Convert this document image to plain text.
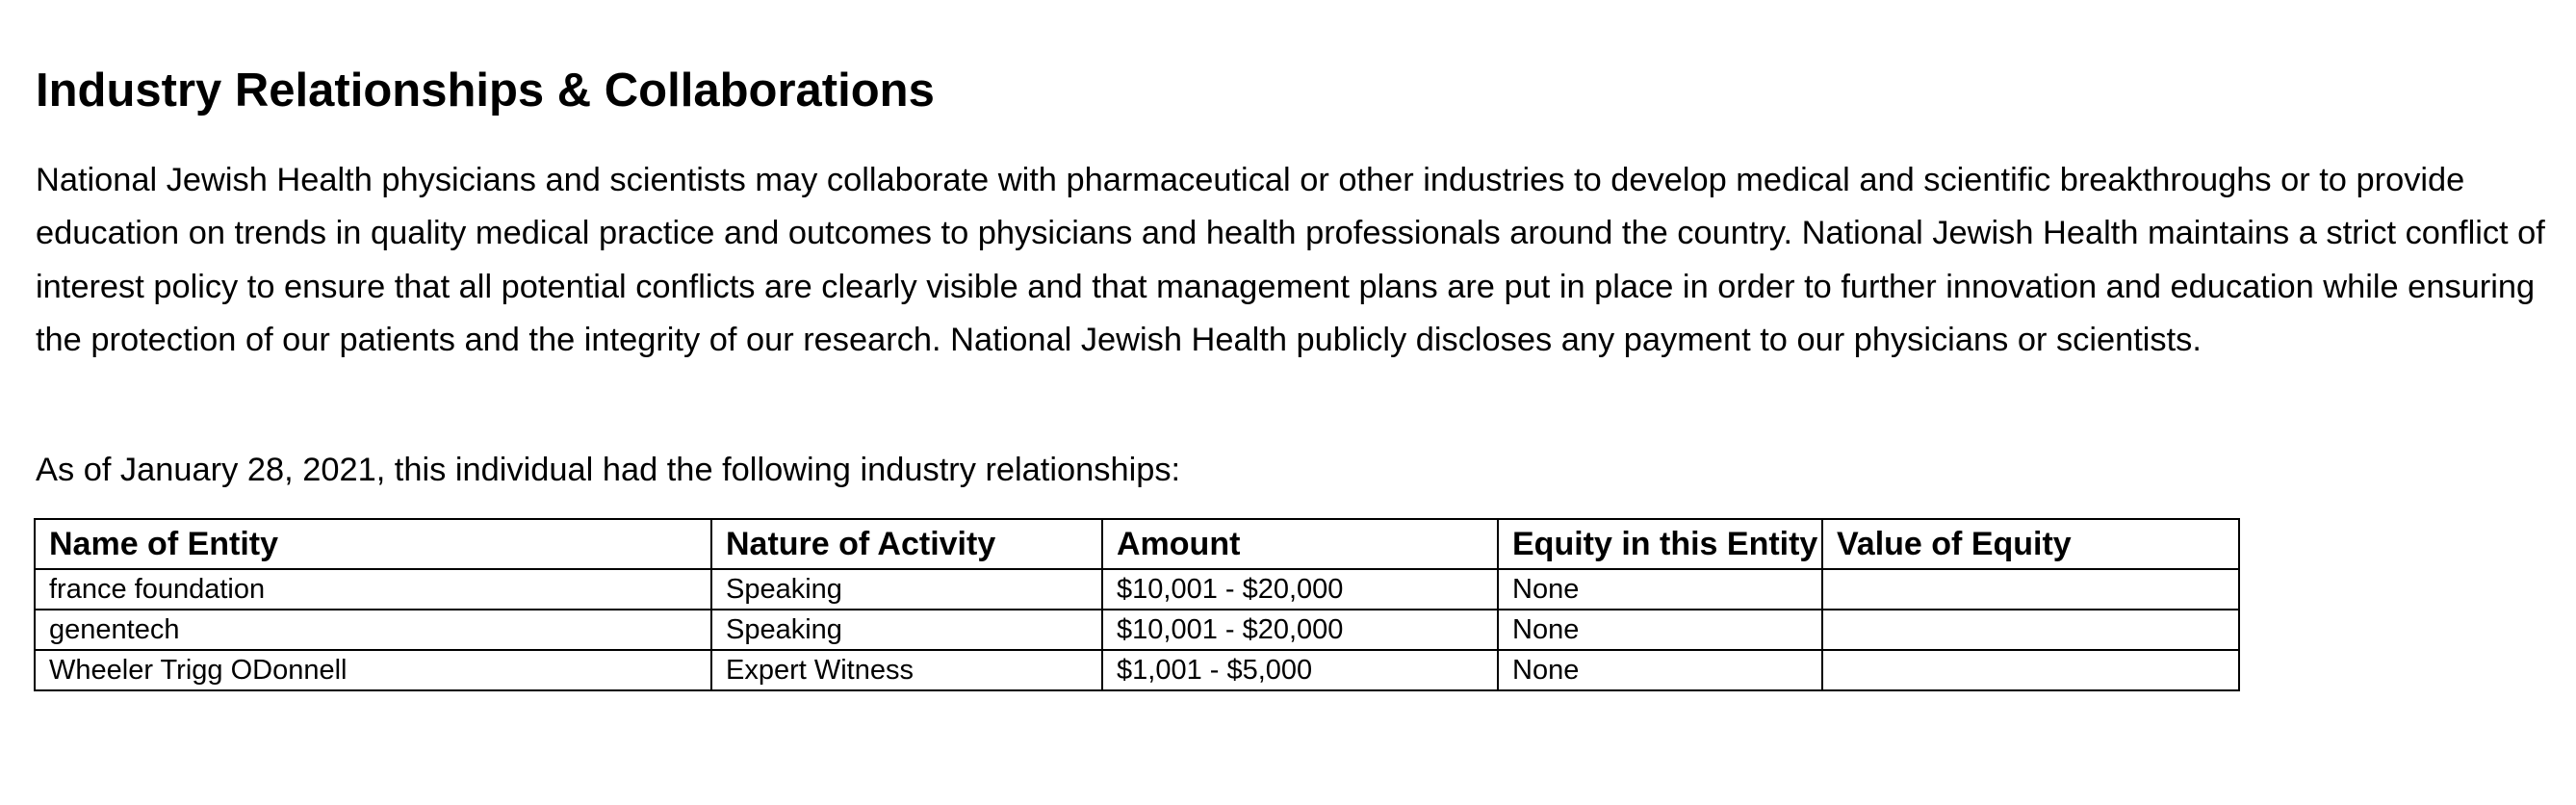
Industry Relationships & Collaborations

National Jewish Health physicians and scientists may collaborate with pharmaceutical or other industries to develop medical and scientific breakthroughs or to provide education on trends in quality medical practice and outcomes to physicians and health professionals around the country. National Jewish Health maintains a strict conflict of interest policy to ensure that all potential conflicts are clearly visible and that management plans are put in place in order to further innovation and education while ensuring the protection of our patients and the integrity of our research. National Jewish Health publicly discloses any payment to our physicians or scientists.

As of January 28, 2021, this individual had the following industry relationships:

Name of Entity	Nature of Activity	Amount	Equity in this Entity	Value of Equity
france foundation	Speaking	$10,001 - $20,000	None	
genentech	Speaking	$10,001 - $20,000	None	
Wheeler Trigg ODonnell	Expert Witness	$1,001 - $5,000	None	
